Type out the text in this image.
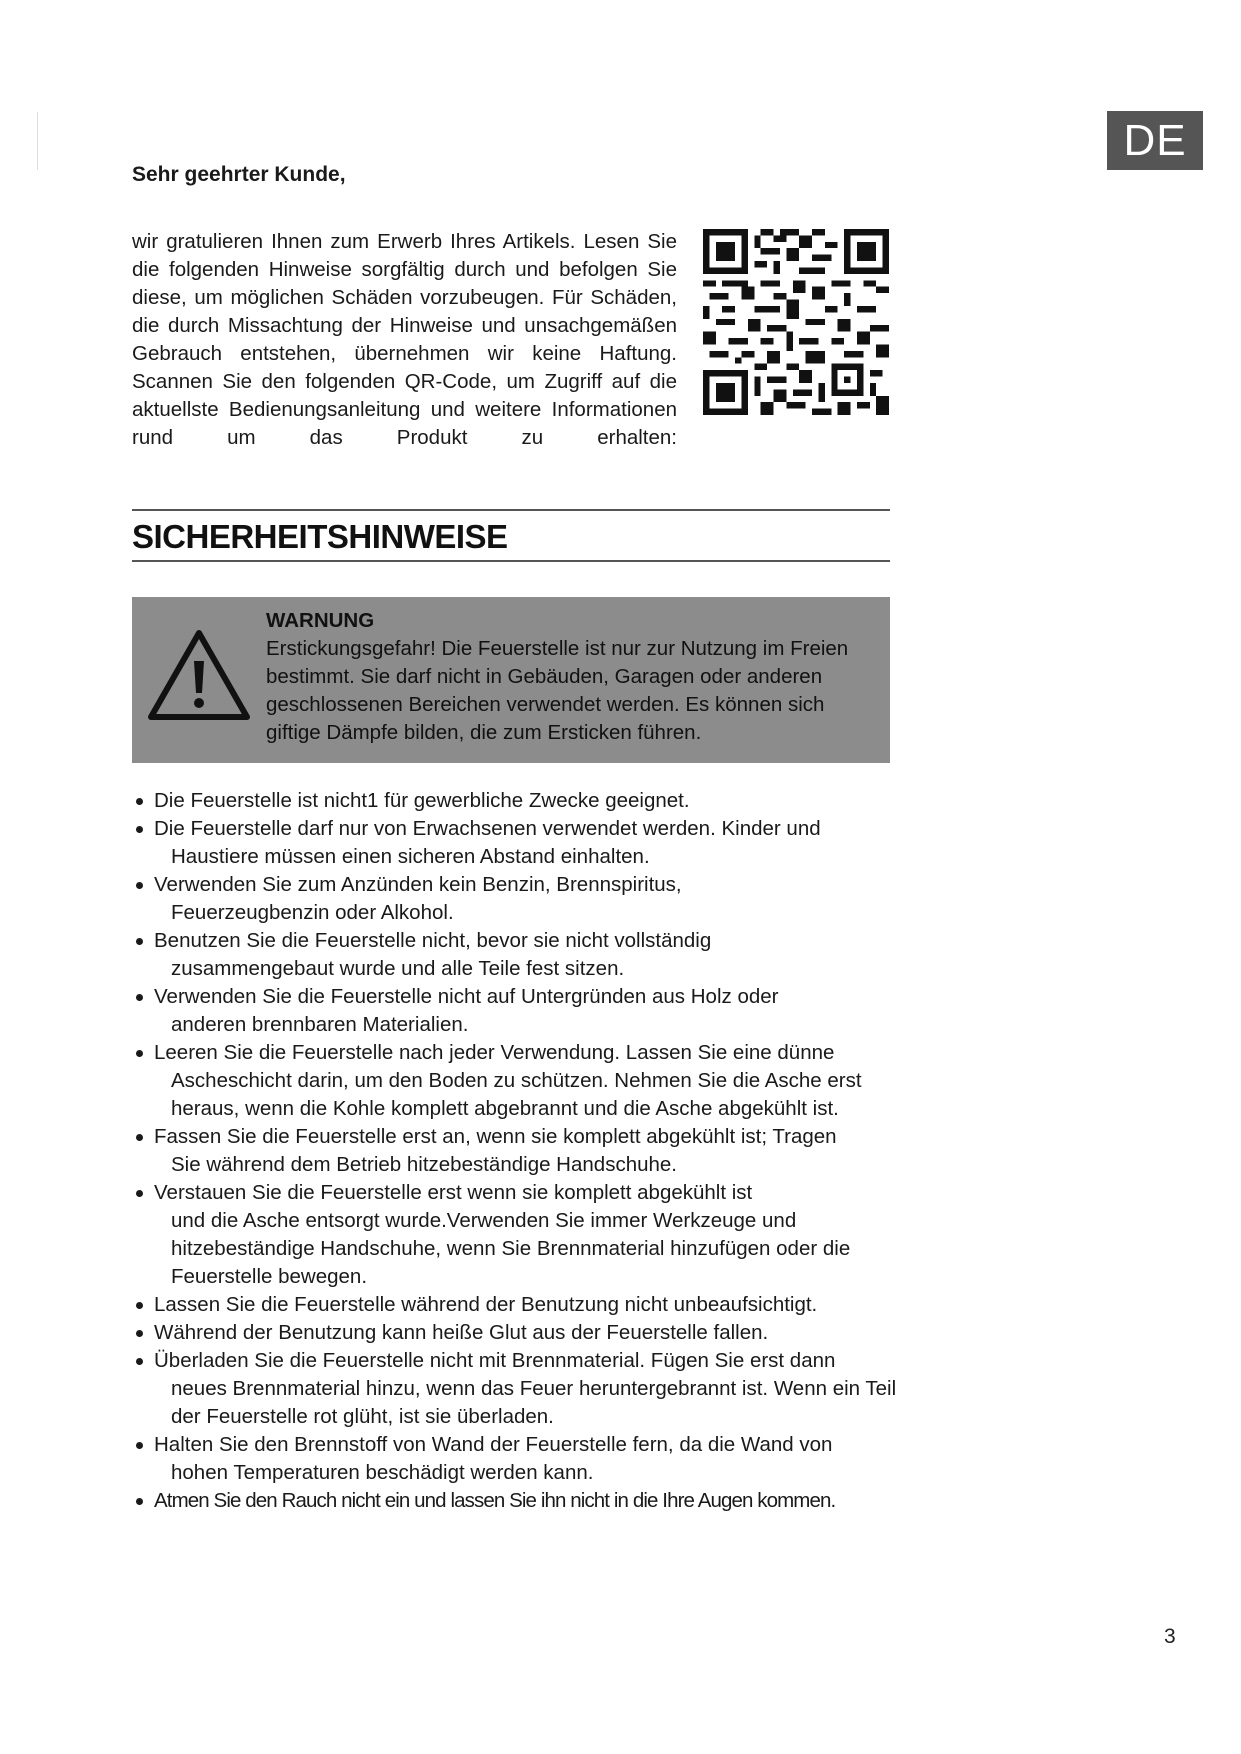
DE
Sehr geehrter Kunde,
wir gratulieren Ihnen zum Erwerb Ihres Artikels. Lesen Sie die folgenden Hinweise sorgfältig durch und befolgen Sie diese, um möglichen Schäden vorzubeugen. Für Schäden, die durch Missachtung der Hinweise und unsachgemäßen Gebrauch entstehen, übernehmen wir keine Haftung. Scannen Sie den folgenden QR-Code, um Zugriff auf die aktuellste Bedienungsanleitung und weitere Informationen rund um das Produkt zu erhalten:
SICHERHEITSHINWEISE
WARNUNG
Erstickungsgefahr! Die Feuerstelle ist nur zur Nutzung im Freien bestimmt. Sie darf nicht in Gebäuden, Garagen oder anderen geschlossenen Bereichen verwendet werden. Es können sich giftige Dämpfe bilden, die zum Ersticken führen.
Die Feuerstelle ist nicht1 für gewerbliche Zwecke geeignet.
Die Feuerstelle darf nur von Erwachsenen verwendet werden. Kinder und
Haustiere müssen einen sicheren Abstand einhalten.
Verwenden Sie zum Anzünden kein Benzin, Brennspiritus,
Feuerzeugbenzin oder Alkohol.
Benutzen Sie die Feuerstelle nicht, bevor sie nicht vollständig
zusammengebaut wurde und alle Teile fest sitzen.
Verwenden Sie die Feuerstelle nicht auf Untergründen aus Holz oder
anderen brennbaren Materialien.
Leeren Sie die Feuerstelle nach jeder Verwendung. Lassen Sie eine dünne
Ascheschicht darin, um den Boden zu schützen. Nehmen Sie die Asche erst heraus, wenn die Kohle komplett abgebrannt und die Asche abgekühlt ist.
Fassen Sie die Feuerstelle erst an, wenn sie komplett abgekühlt ist; Tragen
Sie während dem Betrieb hitzebeständige Handschuhe.
Verstauen Sie die Feuerstelle erst wenn sie komplett abgekühlt ist
und die Asche entsorgt wurde.Verwenden Sie immer Werkzeuge und hitzebeständige Handschuhe, wenn Sie Brennmaterial hinzufügen oder die Feuerstelle bewegen.
Lassen Sie die Feuerstelle während der Benutzung nicht unbeaufsichtigt.
Während der Benutzung kann heiße Glut aus der Feuerstelle fallen.
Überladen Sie die Feuerstelle nicht mit Brennmaterial. Fügen Sie erst dann
neues Brennmaterial hinzu, wenn das Feuer heruntergebrannt ist. Wenn ein Teil der Feuerstelle rot glüht, ist sie überladen.
Halten Sie den Brennstoff von Wand der Feuerstelle fern, da die Wand von
hohen Temperaturen beschädigt werden kann.
Atmen Sie den Rauch nicht ein und lassen Sie ihn nicht in die Ihre Augen kommen.
3
